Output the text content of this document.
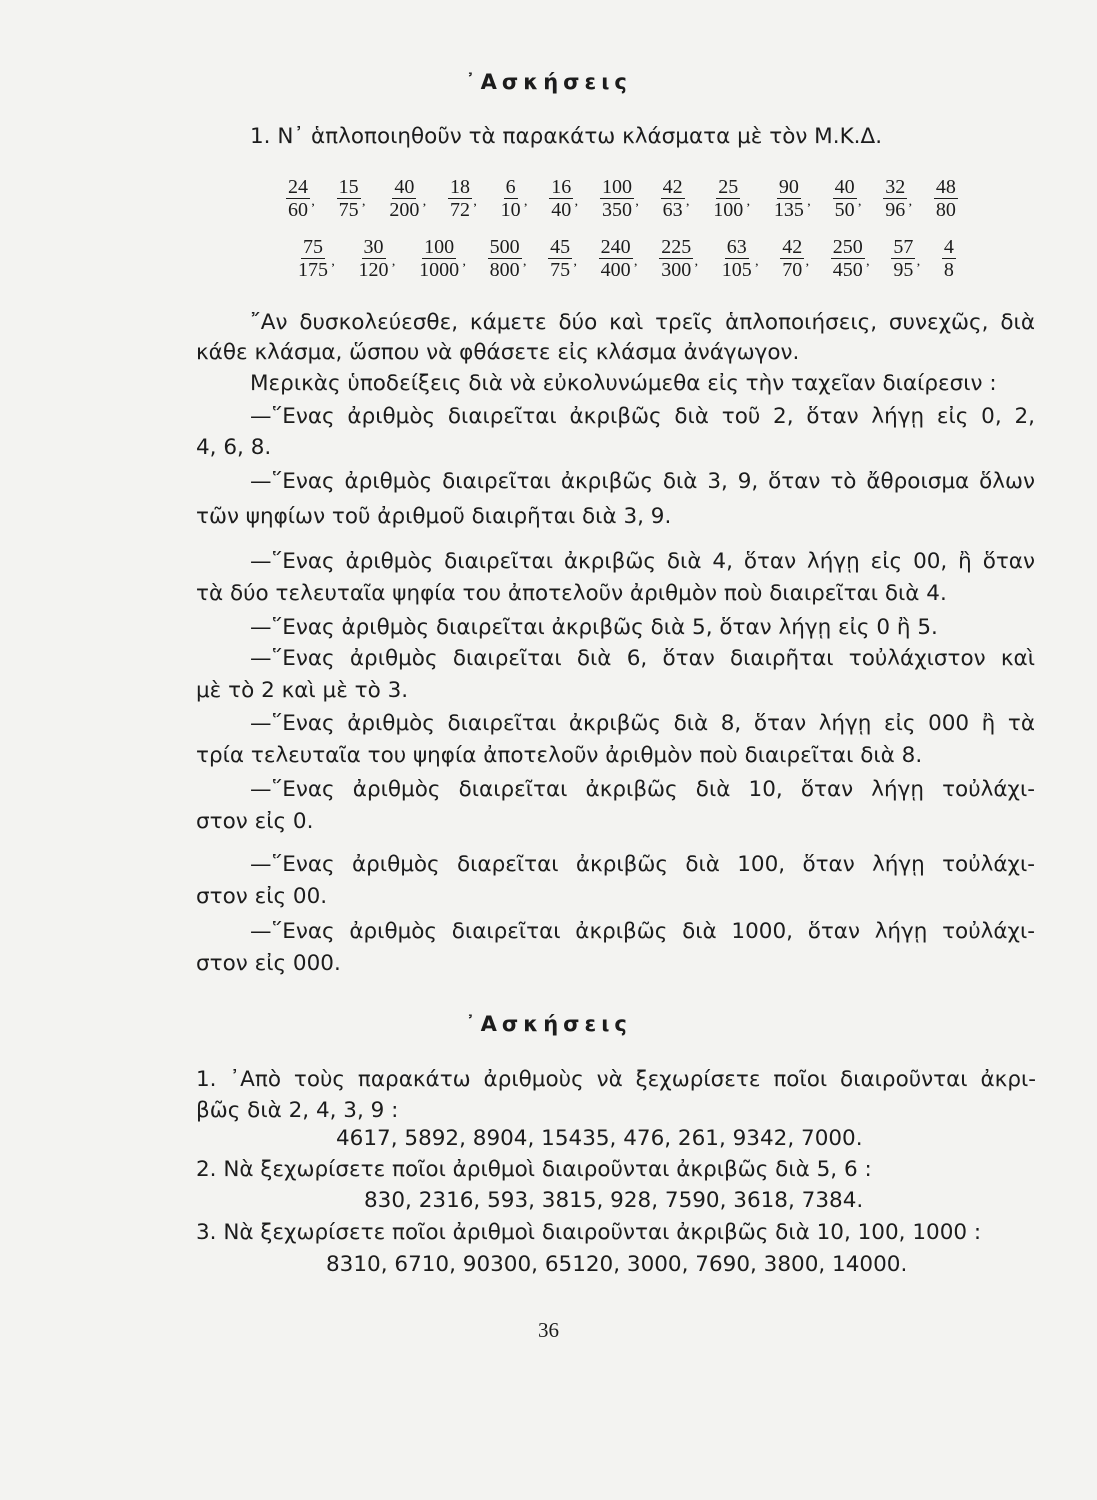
᾿Ασκήσεις
1. Ν᾿ ἁπλοποιηθοῦν τὰ παρακάτω κλάσματα μὲ τὸν Μ.Κ.Δ.
24
60 ᾿
15
75 ᾿
40
200 ᾿
18
72 ᾿
6
10 ᾿
16
40 ᾿
100
350 ᾿
42
63 ᾿
25
100 ᾿
90
135 ᾿
40
50 ᾿
32
96 ᾿ $\frac{48}{80}$
75
175 ᾿
30
120 ᾿
100
1000 ᾿
500
800 ᾿
45
75 ᾿
240
400 ᾿
225
300 ᾿
63
105 ᾿
42
70 ᾿
250
450 ᾿
57
95 ᾿ $\frac{4}{8}$
῎Αν δυσκολεύεσθε, κάμετε δύο καὶ τρεῖς ἁπλοποιήσεις, συνεχῶς, διὰ
κάθε κλάσμα, ὥσπου νὰ φθάσετε εἰς κλάσμα ἀνάγωγον.
Μερικὰς ὑποδείξεις διὰ νὰ εὐκολυνώμεθα εἰς τὴν ταχεῖαν διαίρεσιν :
—῞Ενας ἀριθμὸς διαιρεῖται ἀκριβῶς διὰ τοῦ 2, ὅταν λήγῃ εἰς 0, 2,
4, 6, 8.
—῞Ενας ἀριθμὸς διαιρεῖται ἀκριβῶς διὰ 3, 9, ὅταν τὸ ἄθροισμα ὅλων
τῶν ψηφίων τοῦ ἀριθμοῦ διαιρῆται διὰ 3, 9.
—῞Ενας ἀριθμὸς διαιρεῖται ἀκριβῶς διὰ 4, ὅταν λήγῃ εἰς 00, ἢ ὅταν
τὰ δύο τελευταῖα ψηφία του ἀποτελοῦν ἀριθμὸν ποὺ διαιρεῖται διὰ 4.
—῞Ενας ἀριθμὸς διαιρεῖται ἀκριβῶς διὰ 5, ὅταν λήγῃ εἰς 0 ἢ 5.
—῞Ενας ἀριθμὸς διαιρεῖται διὰ 6, ὅταν διαιρῆται τοὐλάχιστον καὶ
μὲ τὸ 2 καὶ μὲ τὸ 3.
—῞Ενας ἀριθμὸς διαιρεῖται ἀκριβῶς διὰ 8, ὅταν λήγῃ εἰς 000 ἢ τὰ
τρία τελευταῖα του ψηφία ἀποτελοῦν ἀριθμὸν ποὺ διαιρεῖται διὰ 8.
—῞Ενας ἀριθμὸς διαιρεῖται ἀκριβῶς διὰ 10, ὅταν λήγῃ τοὐλάχι-
στον εἰς 0.
—῞Ενας ἀριθμὸς διαρεῖται ἀκριβῶς διὰ 100, ὅταν λήγῃ τοὐλάχι-
στον εἰς 00.
—῞Ενας ἀριθμὸς διαιρεῖται ἀκριβῶς διὰ 1000, ὅταν λήγῃ τοὐλάχι-
στον εἰς 000.
᾿Ασκήσεις
1. ᾿Απὸ τοὺς παρακάτω ἀριθμοὺς νὰ ξεχωρίσετε ποῖοι διαιροῦνται ἀκρι-
βῶς διὰ 2, 4, 3, 9 :
4617, 5892, 8904, 15435, 476, 261, 9342, 7000.
2. Νὰ ξεχωρίσετε ποῖοι ἀριθμοὶ διαιροῦνται ἀκριβῶς διὰ 5, 6 :
830, 2316, 593, 3815, 928, 7590, 3618, 7384.
3. Νὰ ξεχωρίσετε ποῖοι ἀριθμοὶ διαιροῦνται ἀκριβῶς διὰ 10, 100, 1000 :
8310, 6710, 90300, 65120, 3000, 7690, 3800, 14000.
36
